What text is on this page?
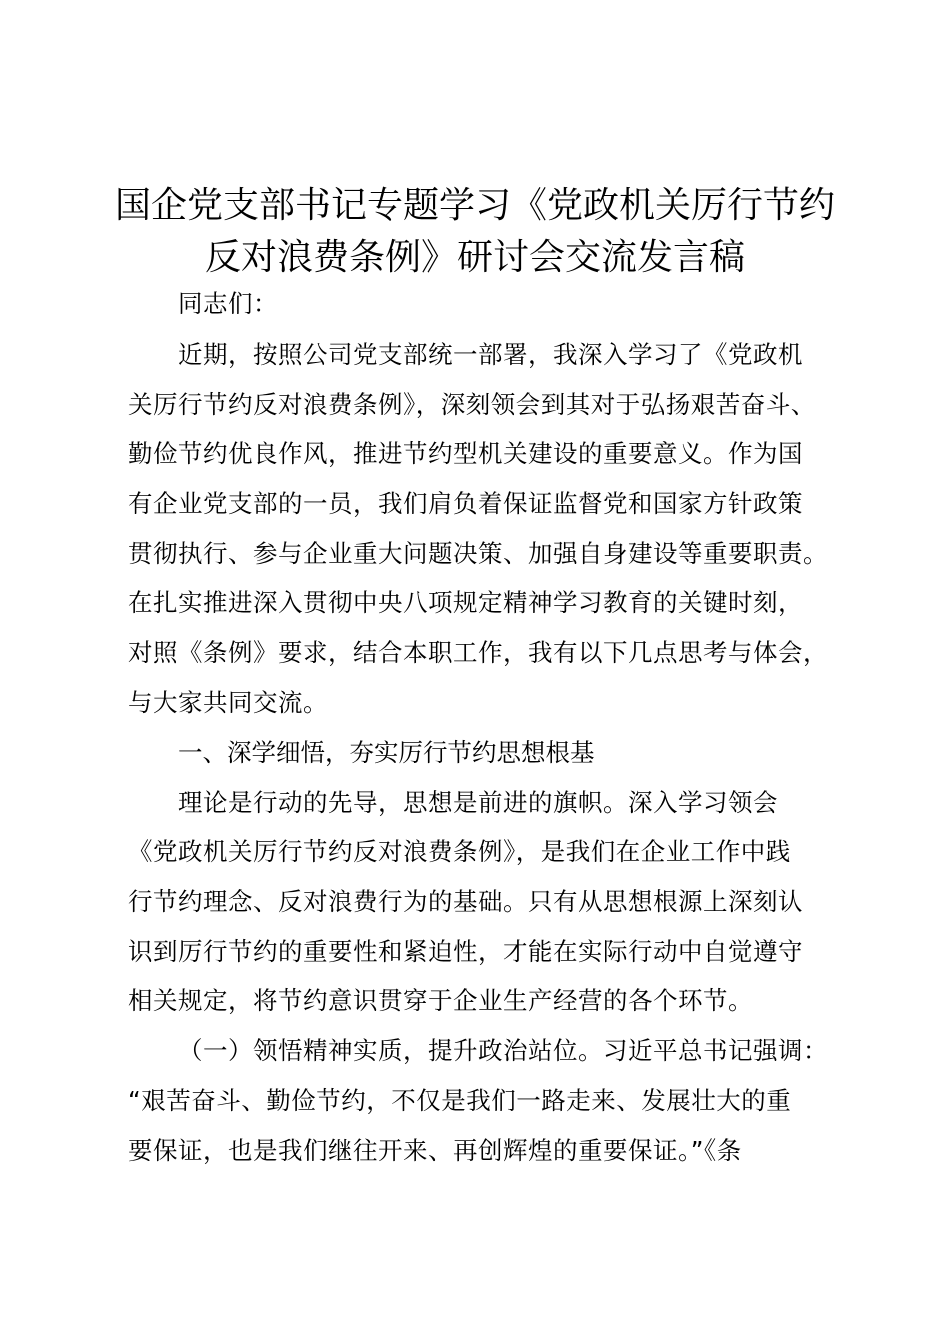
国企党支部书记专题学习《党政机关厉行节约
反对浪费条例》研讨会交流发言稿
同志们：
近期，按照公司党支部统一部署，我深入学习了《党政机
关厉行节约反对浪费条例》，深刻领会到其对于弘扬艰苦奋斗、
勤俭节约优良作风，推进节约型机关建设的重要意义。作为国
有企业党支部的一员，我们肩负着保证监督党和国家方针政策
贯彻执行、参与企业重大问题决策、加强自身建设等重要职责。
在扎实推进深入贯彻中央八项规定精神学习教育的关键时刻，
对照《条例》要求，结合本职工作，我有以下几点思考与体会，
与大家共同交流。
一、深学细悟，夯实厉行节约思想根基
理论是行动的先导，思想是前进的旗帜。深入学习领会
《党政机关厉行节约反对浪费条例》，是我们在企业工作中践
行节约理念、反对浪费行为的基础。只有从思想根源上深刻认
识到厉行节约的重要性和紧迫性，才能在实际行动中自觉遵守
相关规定，将节约意识贯穿于企业生产经营的各个环节。
（一）领悟精神实质，提升政治站位。习近平总书记强调：
“艰苦奋斗、勤俭节约，不仅是我们一路走来、发展壮大的重
要保证，也是我们继往开来、再创辉煌的重要保证。”《条
